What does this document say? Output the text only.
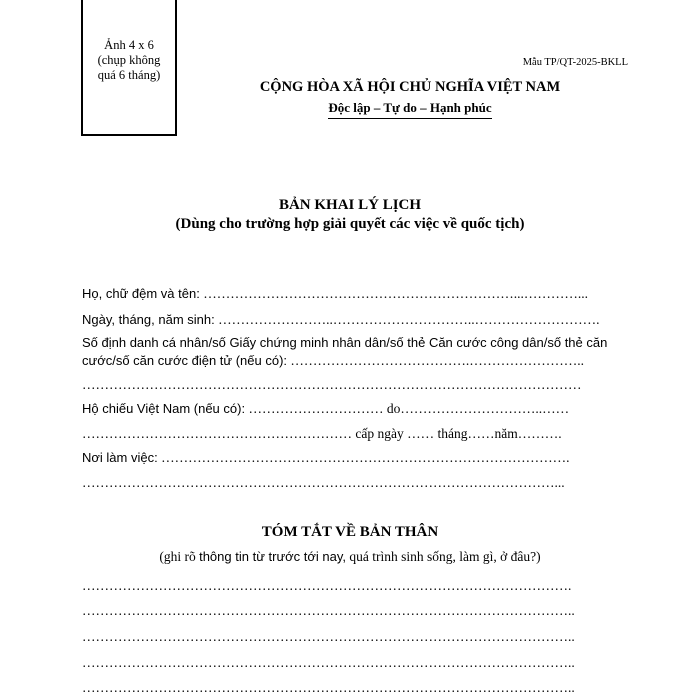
Ảnh 4 x 6
(chụp không
quá 6 tháng)
Mẫu TP/QT-2025-BKLL
CỘNG HÒA XÃ HỘI CHỦ NGHĨA VIỆT NAM
Độc lập – Tự do – Hạnh phúc
BẢN KHAI LÝ LỊCH
(Dùng cho trường hợp giải quyết các việc về quốc tịch)
Họ, chữ đệm và tên: ……………………………………………………………...…………...
Ngày, tháng, năm sinh: ……………………..…………………………..……………………….
Số định danh cá nhân/số Giấy chứng minh nhân dân/số thẻ Căn cước công dân/số thẻ căn
cước/số căn cước điện tử (nếu có): ………………………………….……………………..
…………………………………………………………………………………………………
Hộ chiếu Việt Nam (nếu có): ………………………… do…………………………..……
…………………………………………………… cấp ngày …… tháng……năm……….
Nơi làm việc: ……………………………………………………………………………….
……………………………………………………………………………………………...
TÓM TẮT VỀ BẢN THÂN
(ghi rõ thông tin từ trước tới nay, quá trình sinh sống, làm gì, ở đâu?)
……………………………………………………………………………………………….
………………………………………………………………………………………………..
………………………………………………………………………………………………..
………………………………………………………………………………………………..
………………………………………………………………………………………………..
